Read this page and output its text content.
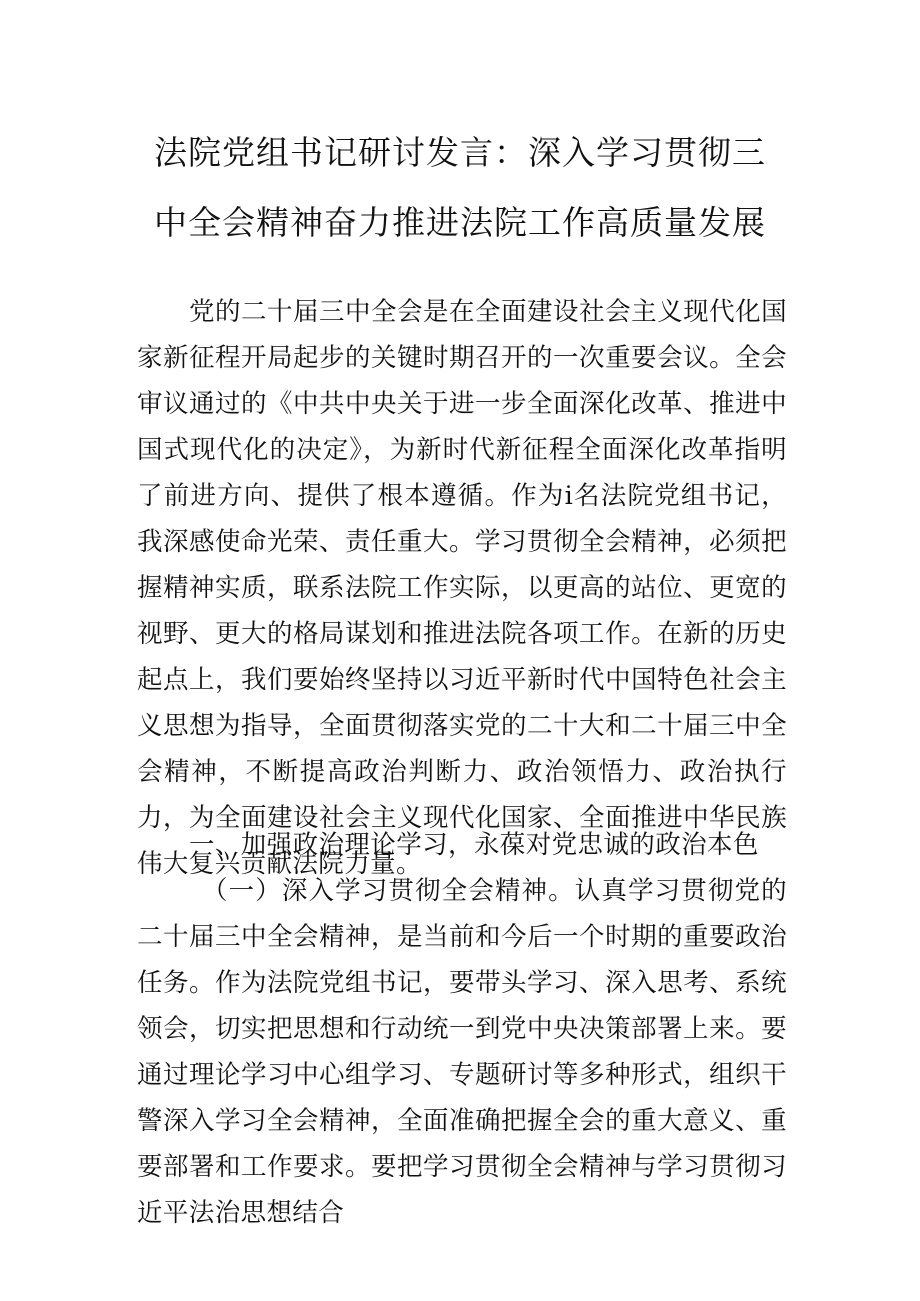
法院党组书记研讨发言：深入学习贯彻三
中全会精神奋力推进法院工作高质量发展
党的二十届三中全会是在全面建设社会主义现代化国家新征程开局起步的关键时期召开的一次重要会议。全会审议通过的《中共中央关于进一步全面深化改革、推进中国式现代化的决定》，为新时代新征程全面深化改革指明了前进方向、提供了根本遵循。作为i名法院党组书记，我深感使命光荣、责任重大。学习贯彻全会精神，必须把握精神实质，联系法院工作实际，以更高的站位、更宽的视野、更大的格局谋划和推进法院各项工作。在新的历史起点上，我们要始终坚持以习近平新时代中国特色社会主义思想为指导，全面贯彻落实党的二十大和二十届三中全会精神，不断提高政治判断力、政治领悟力、政治执行力，为全面建设社会主义现代化国家、全面推进中华民族伟大复兴贡献法院力量。
一、加强政治理论学习，永葆对党忠诚的政治本色
（一）深入学习贯彻全会精神。认真学习贯彻党的二十届三中全会精神，是当前和今后一个时期的重要政治任务。作为法院党组书记，要带头学习、深入思考、系统领会，切实把思想和行动统一到党中央决策部署上来。要通过理论学习中心组学习、专题研讨等多种形式，组织干警深入学习全会精神，全面准确把握全会的重大意义、重要部署和工作要求。要把学习贯彻全会精神与学习贯彻习近平法治思想结合
